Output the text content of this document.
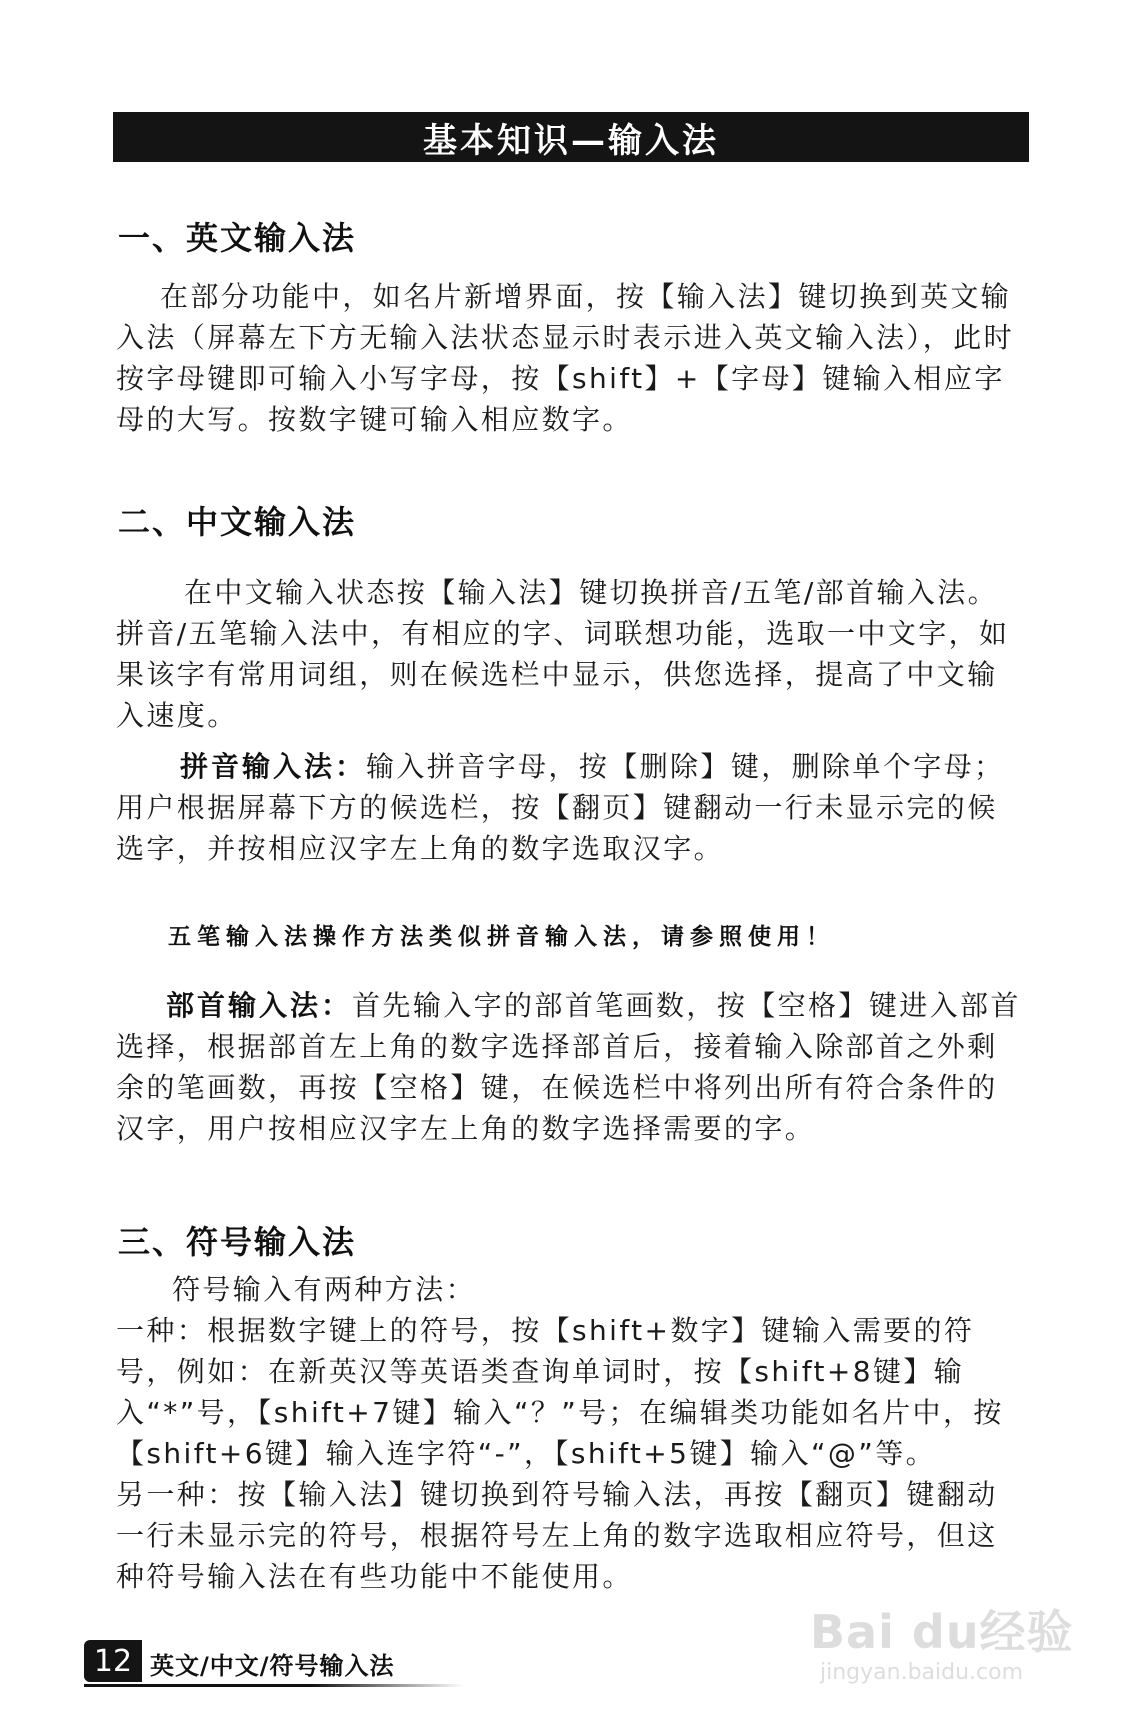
基本知识—输入法
一、英文输入法

在部分功能中，如名片新增界面，按【输入法】键切换到英文输入法（屏幕左下方无输入法状态显示时表示进入英文输入法），此时按字母键即可输入小写字母，按【shift】+【字母】键输入相应字母的大写。按数字键可输入相应数字。

二、中文输入法

在中文输入状态按【输入法】键切换拼音/五笔/部首输入法。拼音/五笔输入法中，有相应的字、词联想功能，选取一中文字，如果该字有常用词组，则在候选栏中显示，供您选择，提高了中文输入速度。

拼音输入法：输入拼音字母，按【删除】键，删除单个字母；用户根据屏幕下方的候选栏，按【翻页】键翻动一行未显示完的候选字，并按相应汉字左上角的数字选取汉字。

五笔输入法操作方法类似拼音输入法，请参照使用！

部首输入法：首先输入字的部首笔画数，按【空格】键进入部首选择，根据部首左上角的数字选择部首后，接着输入除部首之外剩余的笔画数，再按【空格】键，在候选栏中将列出所有符合条件的汉字，用户按相应汉字左上角的数字选择需要的字。

三、符号输入法

符号输入有两种方法：

一种：根据数字键上的符号，按【shift+数字】键输入需要的符号，例如：在新英汉等英语类查询单词时，按【shift+8键】输入“*”号，【shift+7键】输入“？”号；在编辑类功能如名片中，按【shift+6键】输入连字符“-”，【shift+5键】输入“@”等。

另一种：按【输入法】键切换到符号输入法，再按【翻页】键翻动一行未显示完的符号，根据符号左上角的数字选取相应符号，但这种符号输入法在有些功能中不能使用。

12 英文/中文/符号输入法
Bai du经验
jingyan.baidu.com
